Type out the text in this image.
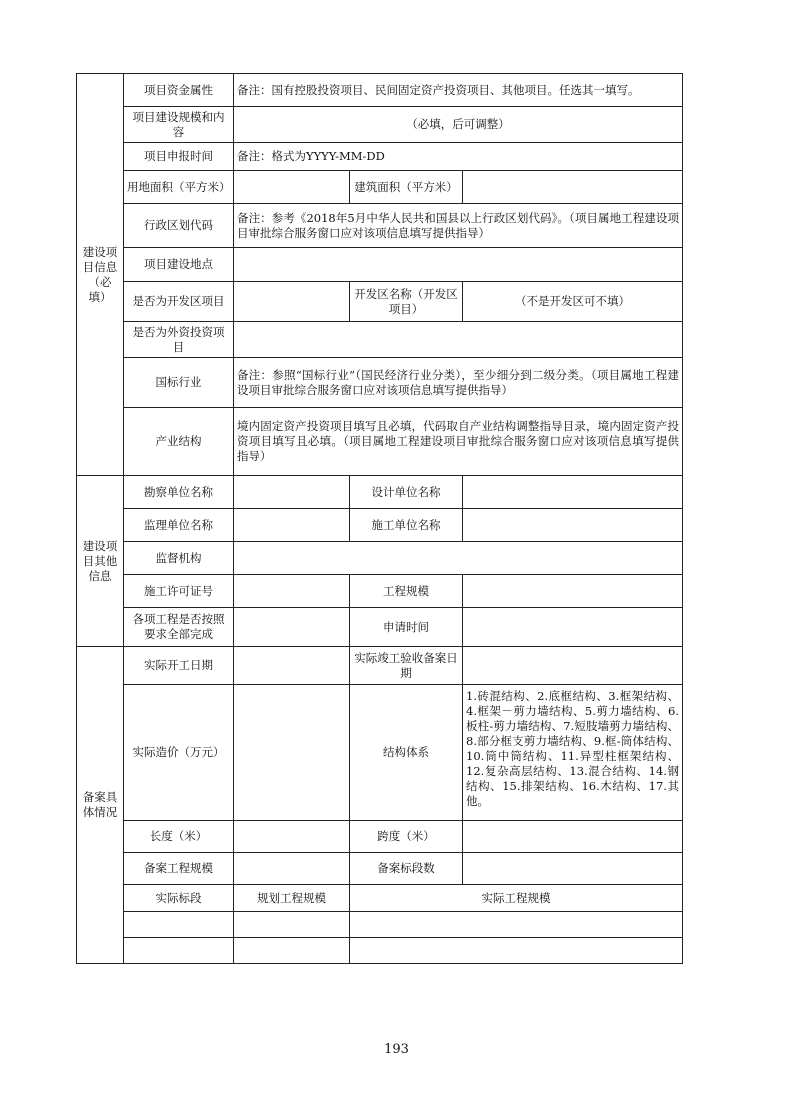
建设项目信息（必填）	项目资金属性	备注：国有控股投资项目、民间固定资产投资项目、其他项目。任选其一填写。		
	项目建设规模和内容	（必填，后可调整）		
	项目申报时间	备注：格式为YYYY-MM-DD		
	用地面积（平方米）		建筑面积（平方米）	
	行政区划代码	备注：参考《2018年5月中华人民共和国县以上行政区划代码》。（项目属地工程建设项目审批综合服务窗口应对该项信息填写提供指导）		
	项目建设地点			
	是否为开发区项目		开发区名称（开发区项目）	（不是开发区可不填）
	是否为外资投资项目			
	国标行业	备注：参照“国标行业”（国民经济行业分类），至少细分到二级分类。（项目属地工程建设项目审批综合服务窗口应对该项信息填写提供指导）		
	产业结构	境内固定资产投资项目填写且必填，代码取自产业结构调整指导目录，境内固定资产投资项目填写且必填。（项目属地工程建设项目审批综合服务窗口应对该项信息填写提供指导）		
建设项目其他信息	勘察单位名称		设计单位名称	
	监理单位名称		施工单位名称	
	监督机构			
	施工许可证号		工程规模	
	各项工程是否按照要求全部完成		申请时间	
备案具体情况	实际开工日期		实际竣工验收备案日期	
	实际造价（万元）		结构体系	1.砖混结构、2.底框结构、3.框架结构、4.框架－剪力墙结构、5.剪力墙结构、6.板柱-剪力墙结构、7.短肢墙剪力墙结构、8.部分框支剪力墙结构、9.框-筒体结构、10.筒中筒结构、11.异型柱框架结构、12.复杂高层结构、13.混合结构、14.钢结构、15.排架结构、16.木结构、17.其他。
	长度（米）		跨度（米）	
	备案工程规模		备案标段数	
	实际标段	规划工程规模	实际工程规模	

193
